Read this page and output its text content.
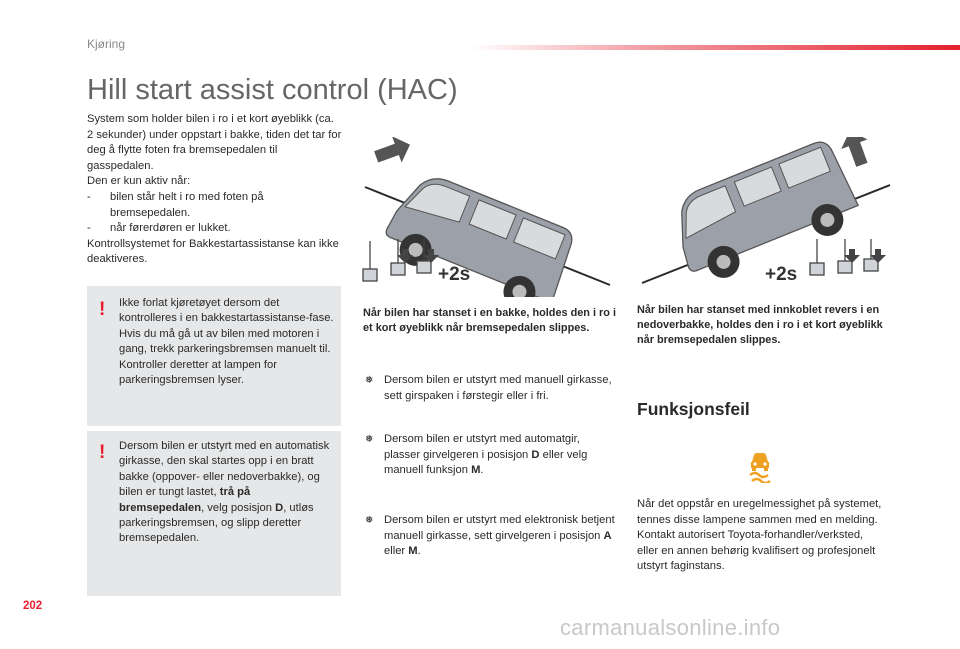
Kjøring
Hill start assist control (HAC)

System som holder bilen i ro i et kort øyeblikk (ca. 2 sekunder) under oppstart i bakke, tiden det tar for deg å flytte foten fra bremsepedalen til gasspedalen.

Den er kun aktiv når:

- bilen står helt i ro med foten på bremsepedalen.

- når førerdøren er lukket.

Kontrollsystemet for Bakkestartassistanse kan ikke deaktiveres.

! Ikke forlat kjøretøyet dersom det kontrolleres i en bakkestartassistanse-fase.

Hvis du må gå ut av bilen med motoren i gang, trekk parkeringsbremsen manuelt til. Kontroller deretter at lampen for parkeringsbremsen lyser.

! Dersom bilen er utstyrt med en automatisk girkasse, den skal startes opp i en bratt bakke (oppover- eller nedoverbakke), og bilen er tungt lastet, trå på bremsepedalen, velg posisjon D, utløs parkeringsbremsen, og slipp deretter bremsepedalen.

+2s	+2s

Når bilen har stanset i en bakke, holdes den i ro i et kort øyeblikk når bremsepedalen slippes.

Når bilen har stanset med innkoblet revers i en nedoverbakke, holdes den i ro i et kort øyeblikk når bremsepedalen slippes.

❅ Dersom bilen er utstyrt med manuell girkasse, sett girspaken i førstegir eller i fri.
❅ Dersom bilen er utstyrt med automatgir, plasser girvelgeren i posisjon D eller velg manuell funksjon M.
❅ Dersom bilen er utstyrt med elektronisk betjent manuell girkasse, sett girvelgeren i posisjon A eller M.
Funksjonsfeil

Når det oppstår en uregelmessighet på systemet, tennes disse lampene sammen med en melding. Kontakt autorisert Toyota-forhandler/verksted, eller en annen behørig kvalifisert og profesjonelt utstyrt faginstans.

202
carmanualsonline.info
